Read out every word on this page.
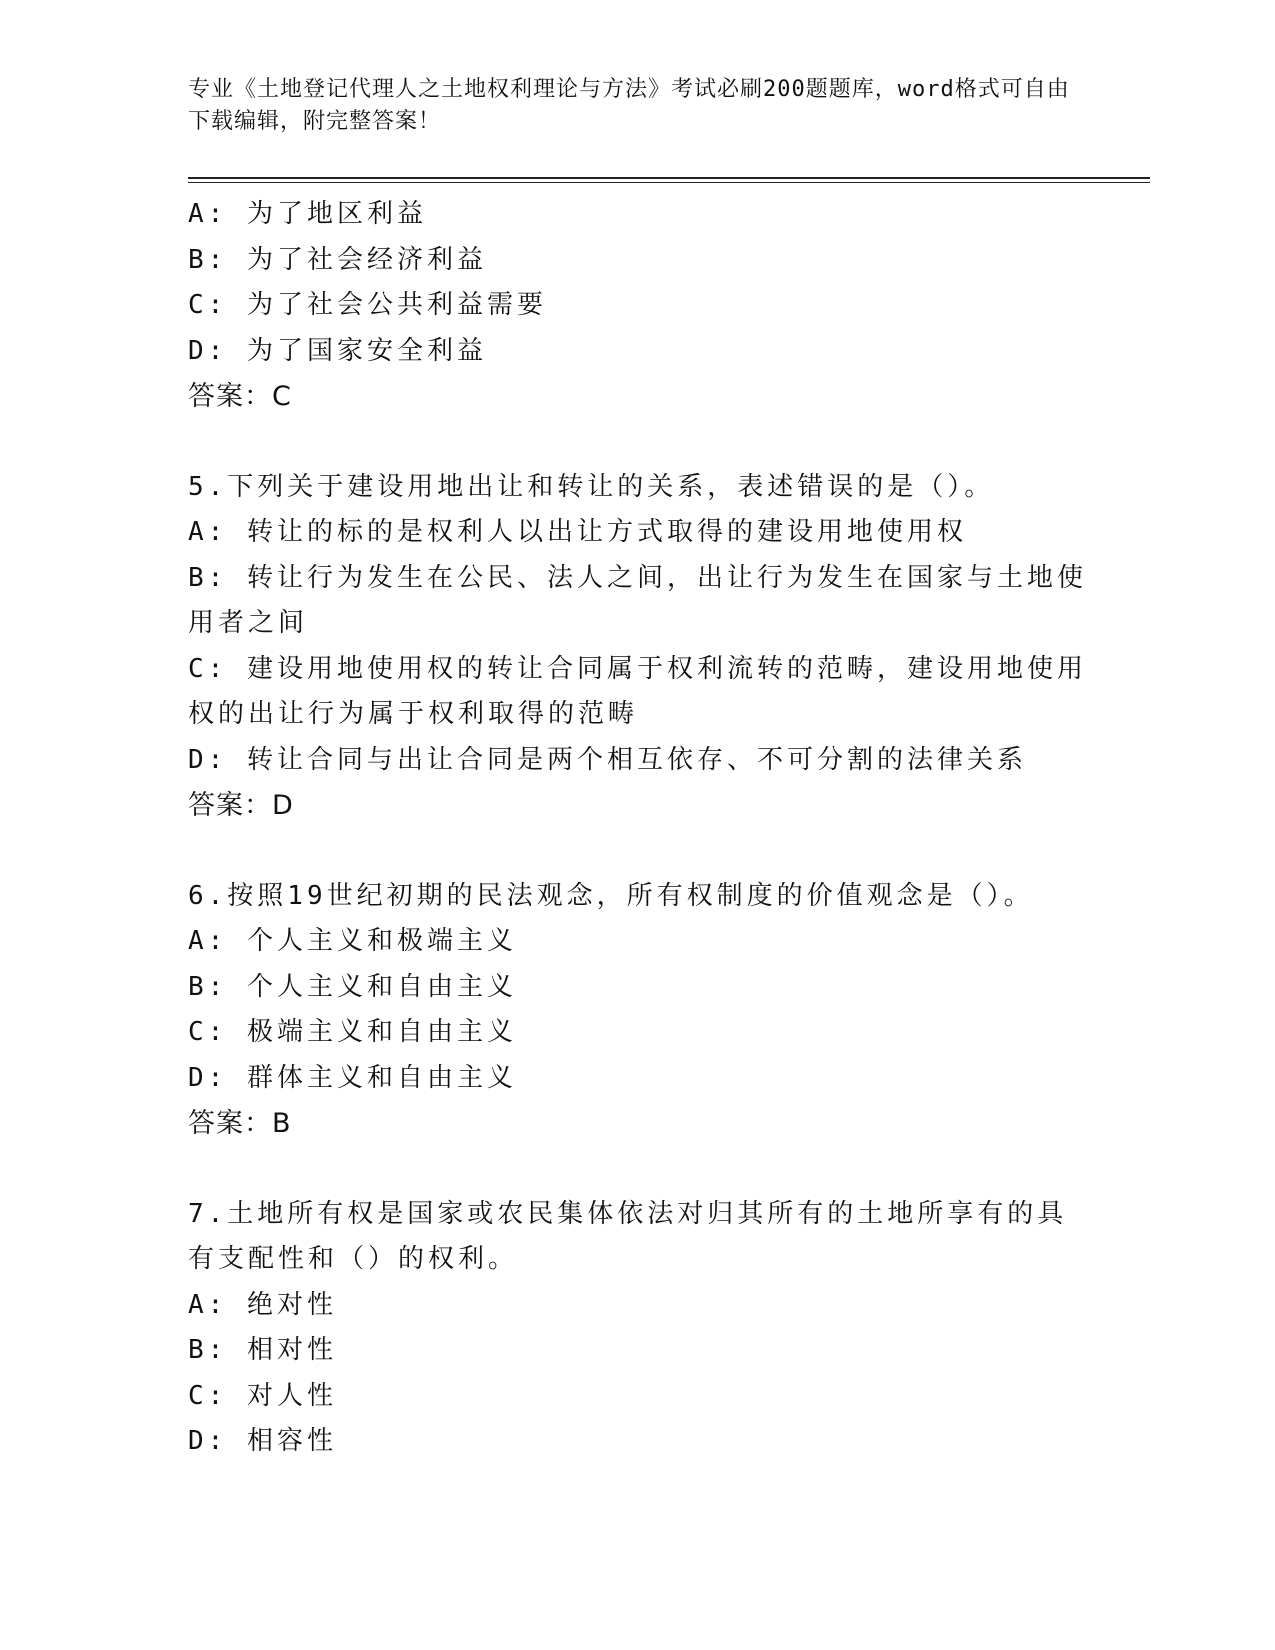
专业《土地登记代理人之土地权利理论与方法》考试必刷200题题库，word格式可自由下载编辑，附完整答案！

A: 为了地区利益

B: 为了社会经济利益

C: 为了社会公共利益需要

D: 为了国家安全利益

答案：C

5.下列关于建设用地出让和转让的关系，表述错误的是（）。

A: 转让的标的是权利人以出让方式取得的建设用地使用权

B: 转让行为发生在公民、法人之间，出让行为发生在国家与土地使用者之间

C: 建设用地使用权的转让合同属于权利流转的范畴，建设用地使用权的出让行为属于权利取得的范畴

D: 转让合同与出让合同是两个相互依存、不可分割的法律关系

答案：D

6.按照19世纪初期的民法观念，所有权制度的价值观念是（）。

A: 个人主义和极端主义

B: 个人主义和自由主义

C: 极端主义和自由主义

D: 群体主义和自由主义

答案：B

7.土地所有权是国家或农民集体依法对归其所有的土地所享有的具有支配性和（）的权利。

A: 绝对性

B: 相对性

C: 对人性

D: 相容性
